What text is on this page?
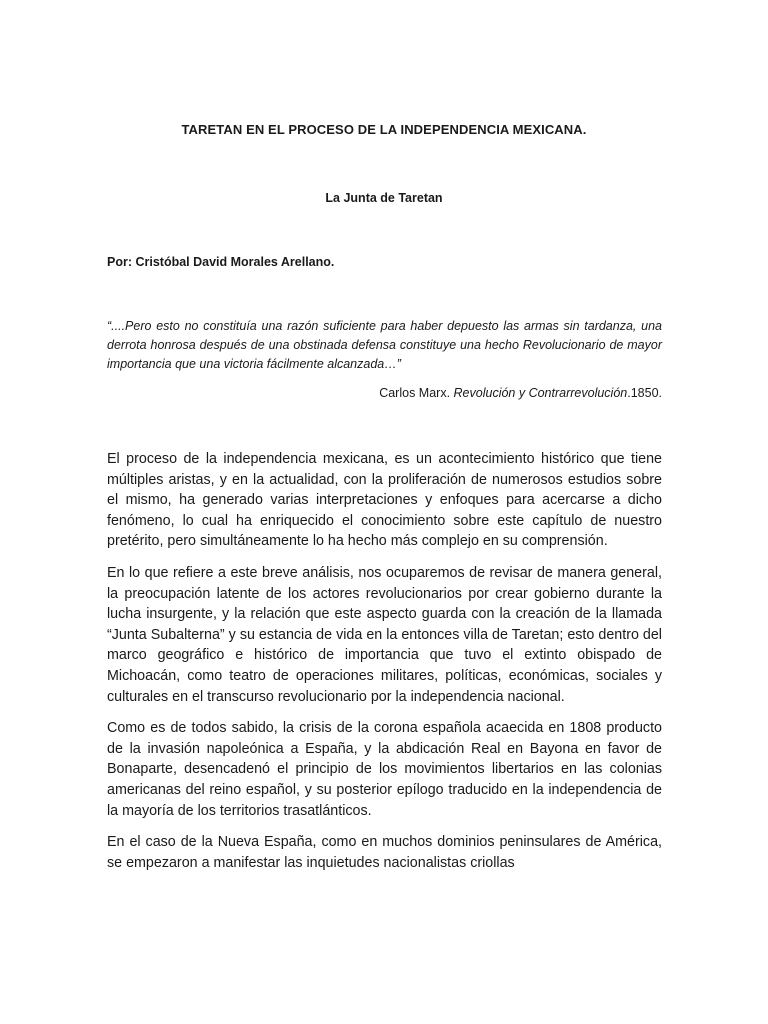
TARETAN EN EL PROCESO DE LA INDEPENDENCIA MEXICANA.
La Junta de Taretan
Por: Cristóbal David Morales Arellano.
“....Pero esto no constituía una razón suficiente para haber depuesto las armas sin tardanza, una derrota honrosa después de una obstinada defensa constituye una hecho Revolucionario de mayor importancia que una victoria fácilmente alcanzada…”
Carlos Marx. Revolución y Contrarrevolución.1850.

El proceso de la independencia mexicana, es un acontecimiento histórico que tiene múltiples aristas, y en la actualidad, con la proliferación de numerosos estudios sobre el mismo, ha generado varias interpretaciones y enfoques para acercarse a dicho fenómeno, lo cual ha enriquecido el conocimiento sobre este capítulo de nuestro pretérito, pero simultáneamente lo ha hecho más complejo en su comprensión.

En lo que refiere a este breve análisis, nos ocuparemos de revisar de manera general, la preocupación latente de los actores revolucionarios por crear gobierno durante la lucha insurgente, y la relación que este aspecto guarda con la creación de la llamada “Junta Subalterna” y su estancia de vida en la entonces villa de Taretan; esto dentro del marco geográfico e histórico de importancia que tuvo el extinto obispado de Michoacán, como teatro de operaciones militares, políticas, económicas, sociales y culturales en el transcurso revolucionario por la independencia nacional.

Como es de todos sabido, la crisis de la corona española acaecida en 1808 producto de la invasión napoleónica a España, y la abdicación Real en Bayona en favor de Bonaparte, desencadenó el principio de los movimientos libertarios en las colonias americanas del reino español, y su posterior epílogo traducido en la independencia de la mayoría de los territorios trasatlánticos.

En el caso de la Nueva España, como en muchos dominios peninsulares de América, se empezaron a manifestar las inquietudes nacionalistas criollas
